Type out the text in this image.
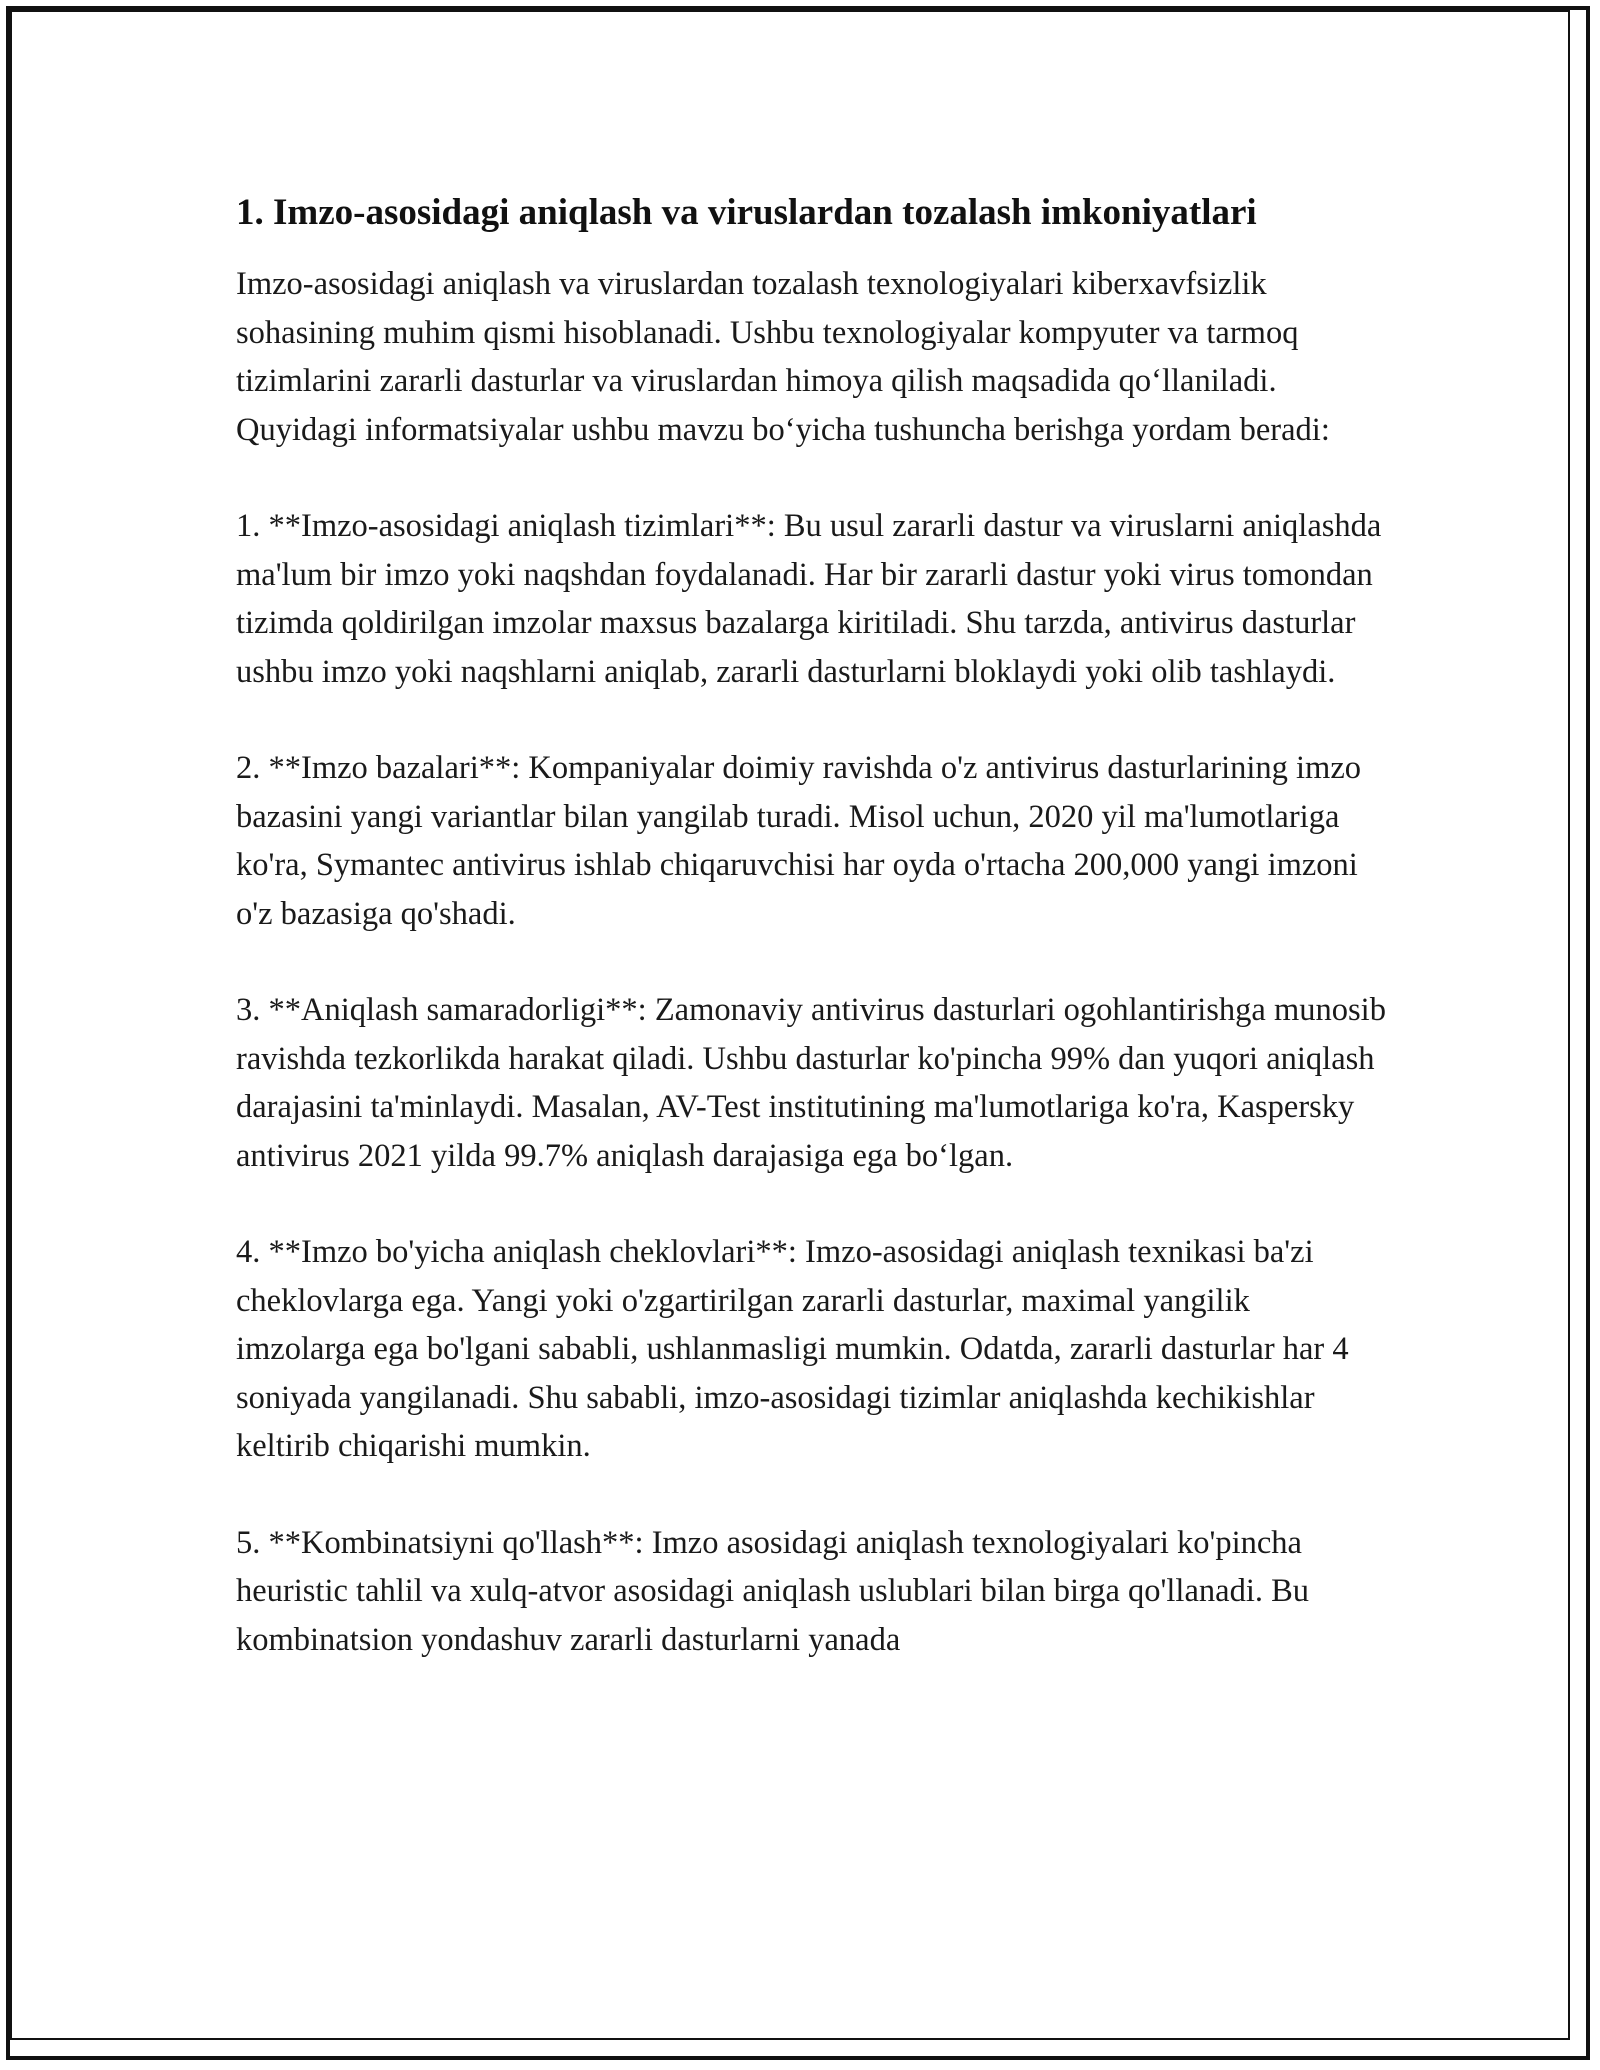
1. Imzo-asosidagi aniqlash va viruslardan tozalash imkoniyatlari

Imzo-asosidagi aniqlash va viruslardan tozalash texnologiyalari kiberxavfsizlik sohasining muhim qismi hisoblanadi. Ushbu texnologiyalar kompyuter va tarmoq tizimlarini zararli dasturlar va viruslardan himoya qilish maqsadida qo‘llaniladi. Quyidagi informatsiyalar ushbu mavzu bo‘yicha tushuncha berishga yordam beradi:

1. **Imzo-asosidagi aniqlash tizimlari**: Bu usul zararli dastur va viruslarni aniqlashda ma'lum bir imzo yoki naqshdan foydalanadi. Har bir zararli dastur yoki virus tomondan tizimda qoldirilgan imzolar maxsus bazalarga kiritiladi. Shu tarzda, antivirus dasturlar ushbu imzo yoki naqshlarni aniqlab, zararli dasturlarni bloklaydi yoki olib tashlaydi.

2. **Imzo bazalari**: Kompaniyalar doimiy ravishda o'z antivirus dasturlarining imzo bazasini yangi variantlar bilan yangilab turadi. Misol uchun, 2020 yil ma'lumotlariga ko'ra, Symantec antivirus ishlab chiqaruvchisi har oyda o'rtacha 200,000 yangi imzoni o'z bazasiga qo'shadi.

3. **Aniqlash samaradorligi**: Zamonaviy antivirus dasturlari ogohlantirishga munosib ravishda tezkorlikda harakat qiladi. Ushbu dasturlar ko'pincha 99% dan yuqori aniqlash darajasini ta'minlaydi. Masalan, AV-Test institutining ma'lumotlariga ko'ra, Kaspersky antivirus 2021 yilda 99.7% aniqlash darajasiga ega bo‘lgan.

4. **Imzo bo'yicha aniqlash cheklovlari**: Imzo-asosidagi aniqlash texnikasi ba'zi cheklovlarga ega. Yangi yoki o'zgartirilgan zararli dasturlar, maximal yangilik imzolarga ega bo'lgani sababli, ushlanmasligi mumkin. Odatda, zararli dasturlar har 4 soniyada yangilanadi. Shu sababli, imzo-asosidagi tizimlar aniqlashda kechikishlar keltirib chiqarishi mumkin.

5. **Kombinatsiyni qo'llash**: Imzo asosidagi aniqlash texnologiyalari ko'pincha heuristic tahlil va xulq-atvor asosidagi aniqlash uslublari bilan birga qo'llanadi. Bu kombinatsion yondashuv zararli dasturlarni yanada
